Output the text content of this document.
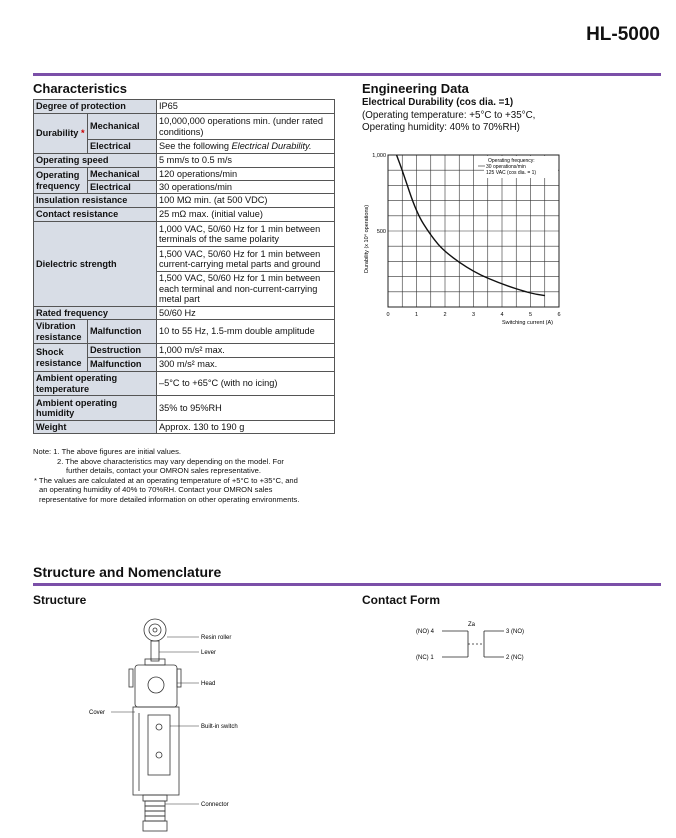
HL-5000
Characteristics
Degree of protection		IP65
Durability *	Mechanical	10,000,000 operations min. (under rated conditions)
	Electrical	See the following Electrical Durability.
Operating speed		5 mm/s to 0.5 m/s
Operating frequency	Mechanical	120 operations/min
	Electrical	30 operations/min
Insulation resistance		100 MΩ min. (at 500 VDC)
Contact resistance		25 mΩ max. (initial value)
Dielectric strength		1,000 VAC, 50/60 Hz for 1 min between terminals of the same polarity
		1,500 VAC, 50/60 Hz for 1 min between current-carrying metal parts and ground
		1,500 VAC, 50/60 Hz for 1 min between each terminal and non-current-carrying metal part
Rated frequency		50/60 Hz
Vibration resistance	Malfunction	10 to 55 Hz, 1.5-mm double amplitude
Shock resistance	Destruction	1,000 m/s² max.
	Malfunction	300 m/s² max.
Ambient operating temperature		–5°C to +65°C (with no icing)
Ambient operating humidity		35% to 95%RH
Weight		Approx. 130 to 190 g
Note: 1. The above figures are initial values.
2. The above characteristics may vary depending on the model. For
further details, contact your OMRON sales representative.
* The values are calculated at an operating temperature of +5°C to +35°C, and
an operating humidity of 40% to 70%RH. Contact your OMRON sales
representative for more detailed information on other operating environments.
Engineering Data
Electrical Durability (cos dia. =1)
(Operating temperature: +5°C to +35°C,
Operating humidity: 40% to 70%RH)
500
1,000
0	1	2	3	4	5	6
Durability (x 10⁴ operations)
Switching current (A)
Operating frequency:
30 operations/min
125 VAC (cos dia. = 1)
Structure and Nomenclature
Structure	Contact Form
Resin roller
Lever
Head
Cover
Built-in switch
Connector
Za
(NO) 4
(NC) 1
3 (NO)
2 (NC)
